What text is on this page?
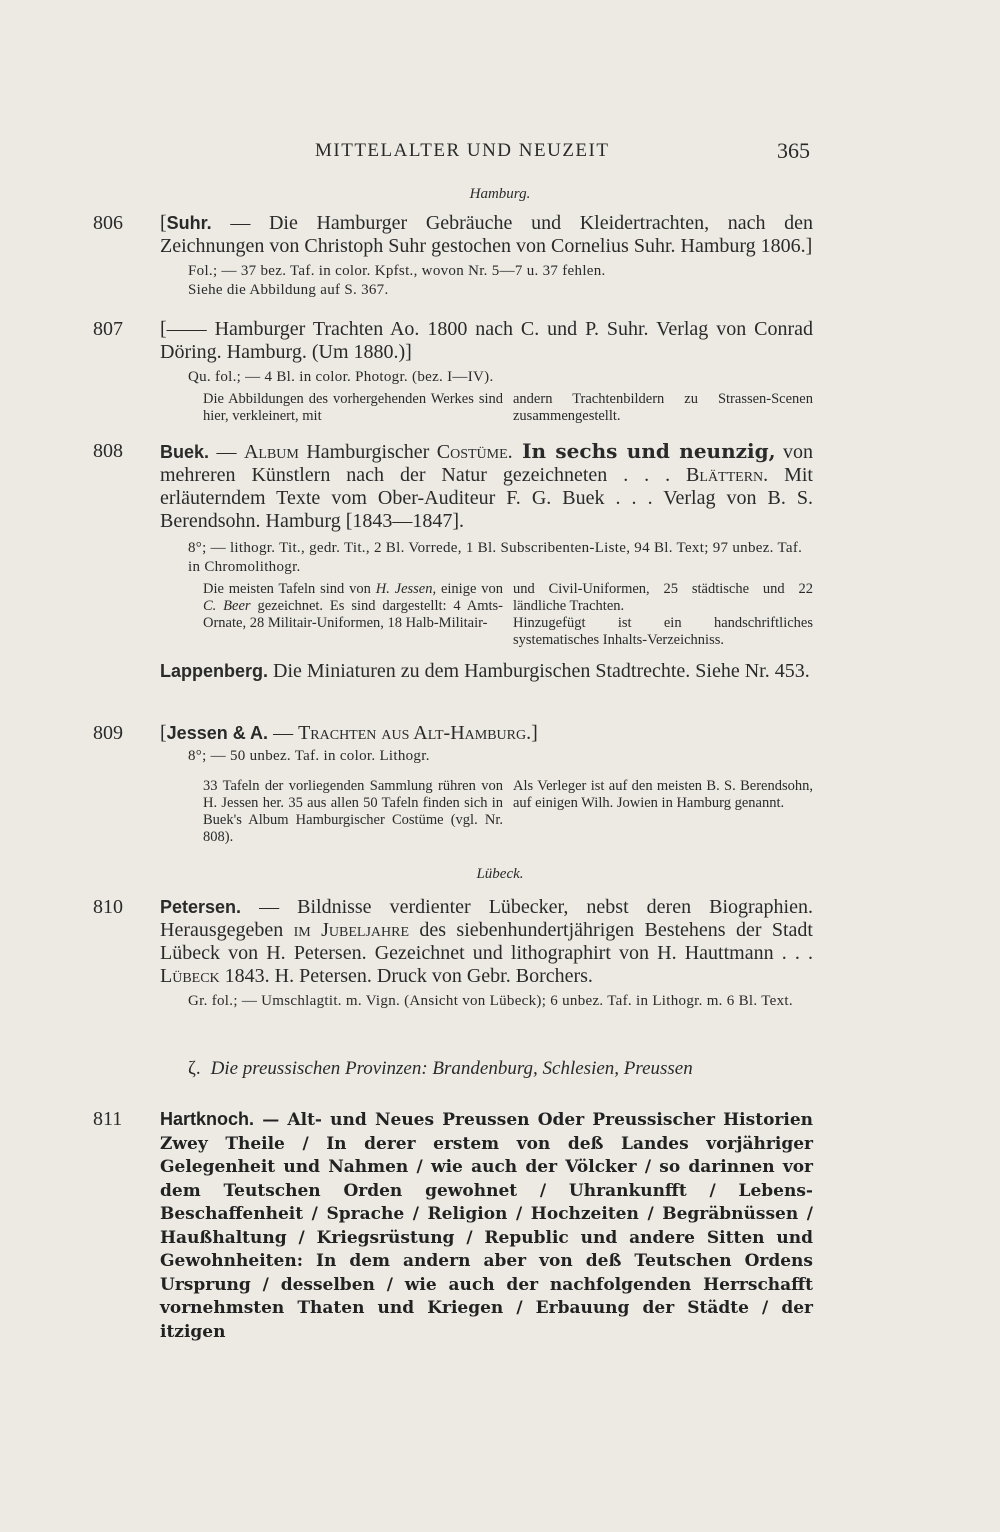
MITTELALTER UND NEUZEIT	365
Hamburg.
806 [Suhr. — Die Hamburger Gebräuche und Kleidertrachten, nach den Zeichnungen von Christoph Suhr gestochen von Cornelius Suhr. Hamburg 1806.]
Fol.; — 37 bez. Taf. in color. Kpfst., wovon Nr. 5—7 u. 37 fehlen.
Siehe die Abbildung auf S. 367.
807 [—— Hamburger Trachten Ao. 1800 nach C. und P. Suhr. Verlag von Conrad Döring. Hamburg. (Um 1880.)]
Qu. fol.; — 4 Bl. in color. Photogr. (bez. I—IV).
Die Abbildungen des vorhergehenden Werkes sind hier, verkleinert, mit
andern Trachtenbildern zu Strassen-Scenen zusammengestellt.
808 Buek. — Album Hamburgischer Costüme. In sechs und neunzig, von mehreren Künstlern nach der Natur gezeichneten . . . Blättern. Mit erläuterndem Texte vom Ober-Auditeur F. G. Buek . . . Verlag von B. S. Berendsohn. Hamburg [1843—1847].
8°; — lithogr. Tit., gedr. Tit., 2 Bl. Vorrede, 1 Bl. Subscribenten-Liste, 94 Bl. Text; 97 unbez. Taf. in Chromolithogr.
Die meisten Tafeln sind von H. Jessen, einige von C. Beer gezeichnet. Es sind dargestellt: 4 Amts-Ornate, 28 Militair-Uniformen, 18 Halb-Militair-
und Civil-Uniformen, 25 städtische und 22 ländliche Trachten.
Hinzugefügt ist ein handschriftliches systematisches Inhalts-Verzeichniss.
Lappenberg. Die Miniaturen zu dem Hamburgischen Stadtrechte. Siehe Nr. 453.
809 [Jessen & A. — Trachten aus Alt-Hamburg.]
8°; — 50 unbez. Taf. in color. Lithogr.
33 Tafeln der vorliegenden Sammlung rühren von H. Jessen her. 35 aus allen 50 Tafeln finden sich in Buek's Album Hamburgischer Costüme (vgl. Nr. 808).
Als Verleger ist auf den meisten B. S. Berendsohn, auf einigen Wilh. Jowien in Hamburg genannt.
Lübeck.
810 Petersen. — Bildnisse verdienter Lübecker, nebst deren Biographien. Herausgegeben im Jubeljahre des siebenhundertjährigen Bestehens der Stadt Lübeck von H. Petersen. Gezeichnet und lithographirt von H. Hauttmann . . . Lübeck 1843. H. Petersen. Druck von Gebr. Borchers.
Gr. fol.; — Umschlagtit. m. Vign. (Ansicht von Lübeck); 6 unbez. Taf. in Lithogr. m. 6 Bl. Text.
ζ. Die preussischen Provinzen: Brandenburg, Schlesien, Preussen
811 Hartknoch. — Alt- und Neues Preussen Oder Preussischer Historien Zwey Theile / In derer erstem von deß Landes vorjähriger Gelegenheit und Nahmen / wie auch der Völcker / so darinnen vor dem Teutschen Orden gewohnet / Uhrankunfft / Lebens-Beschaffenheit / Sprache / Religion / Hochzeiten / Begräbnüssen / Haußhaltung / Kriegsrüstung / Republic und andere Sitten und Gewohnheiten: In dem andern aber von deß Teutschen Ordens Ursprung / desselben / wie auch der nachfolgenden Herrschafft vornehmsten Thaten und Kriegen / Erbauung der Städte / der itzigen
